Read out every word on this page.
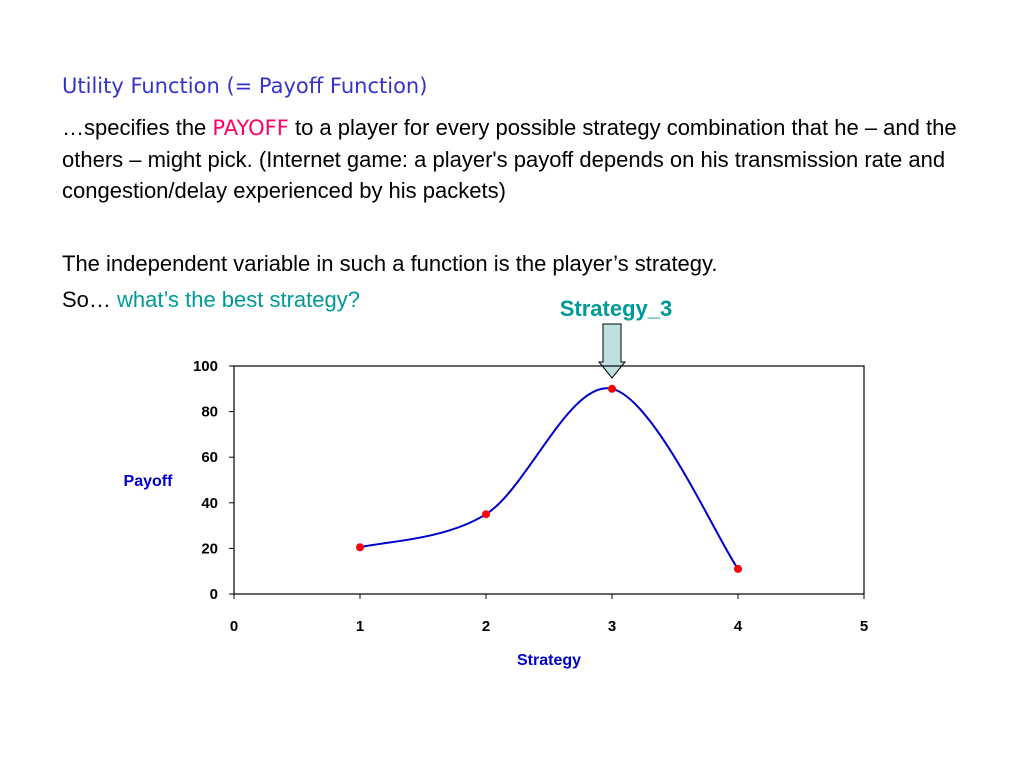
Utility Function (= Payoff Function)
…specifies the PAYOFF to a player for every possible strategy combination that he – and the others – might pick. (Internet game: a player's payoff depends on his transmission rate and congestion/delay experienced by his packets)
The independent variable in such a function is the player’s strategy.
So… what’s the best strategy?	Strategy_3
0
20
40
60
80
100
0	1	2	3	4	5
Payoff
Strategy
